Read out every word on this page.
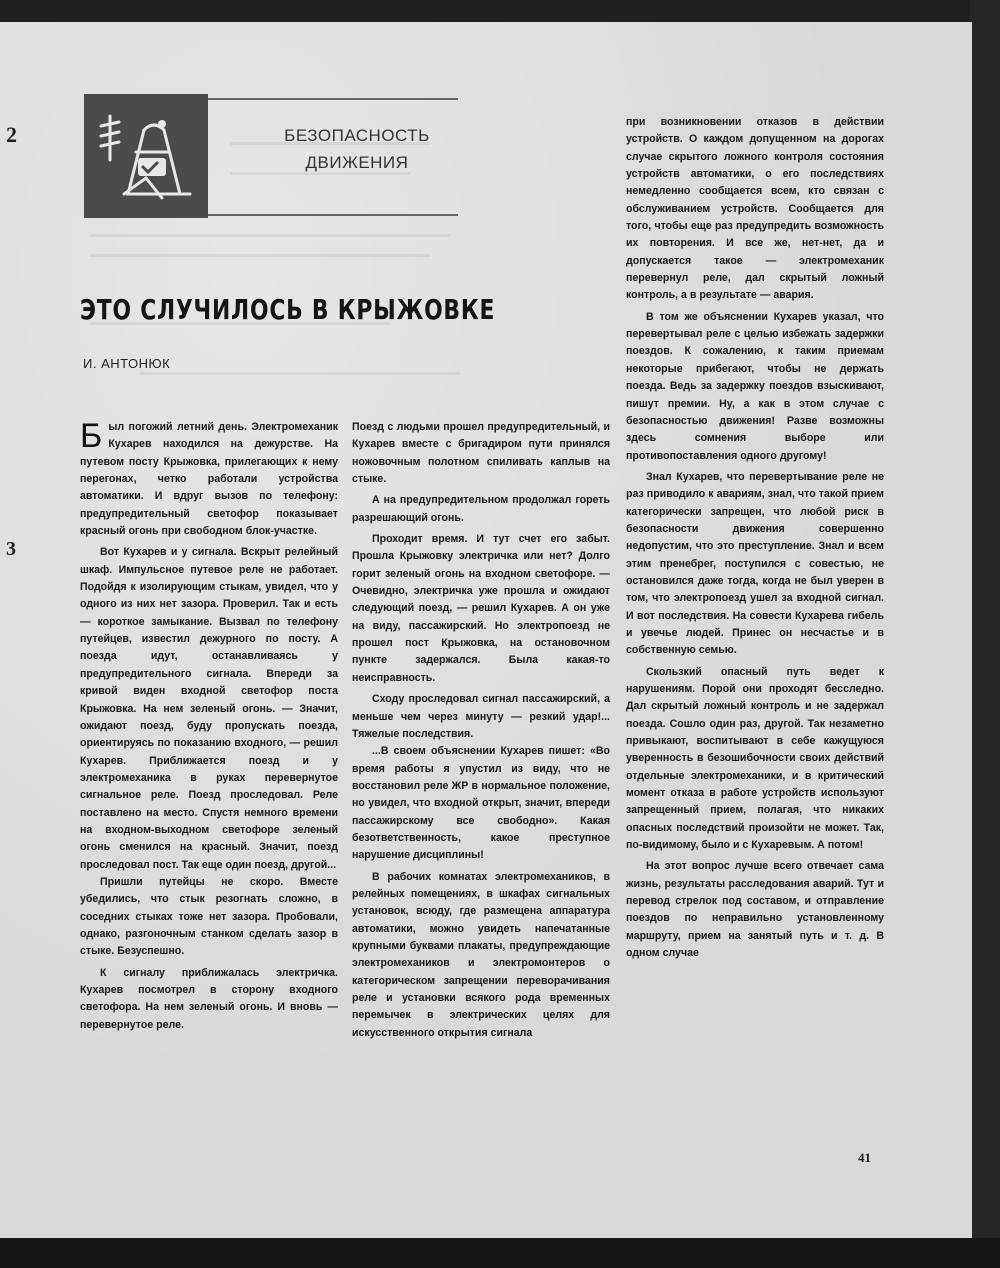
2
3
БЕЗОПАСНОСТЬ
ДВИЖЕНИЯ
ЭТО СЛУЧИЛОСЬ В КРЫЖОВКЕ
И. АНТОНЮК

Был погожий летний день. Электромеханик Кухарев находился на дежурстве. На путевом посту Крыжовка, прилегающих к нему перегонах, четко работали устройства автоматики. И вдруг вызов по телефону: предупредительный светофор показывает красный огонь при свободном блок-участке.

Вот Кухарев и у сигнала. Вскрыт релейный шкаф. Импульсное путевое реле не работает. Подойдя к изолирующим стыкам, увидел, что у одного из них нет зазора. Проверил. Так и есть — короткое замыкание. Вызвал по телефону путейцев, известил дежурного по посту. А поезда идут, останавливаясь у предупредительного сигнала. Впереди за кривой виден входной светофор поста Крыжовка. На нем зеленый огонь. — Значит, ожидают поезд, буду пропускать поезда, ориентируясь по показанию входного, — решил Кухарев. Приближается поезд и у электромеханика в руках перевернутое сигнальное реле. Поезд проследовал. Реле поставлено на место. Спустя немного времени на входном-выходном светофоре зеленый огонь сменился на красный. Значит, поезд проследовал пост. Так еще один поезд, другой...

Пришли путейцы не скоро. Вместе убедились, что стык резогнать сложно, в соседних стыках тоже нет зазора. Пробовали, однако, разгоночным станком сделать зазор в стыке. Безуспешно.

К сигналу приближалась электричка. Кухарев посмотрел в сторону входного светофора. На нем зеленый огонь. И вновь — перевернутое реле.

Поезд с людьми прошел предупредительный, и Кухарев вместе с бригадиром пути принялся ножовочным полотном спиливать каплыв на стыке.

А на предупредительном продолжал гореть разрешающий огонь.

Проходит время. И тут счет его забыт. Прошла Крыжовку электричка или нет? Долго горит зеленый огонь на входном светофоре. — Очевидно, электричка уже прошла и ожидают следующий поезд, — решил Кухарев. А он уже на виду, пассажирский. Но электропоезд не прошел пост Крыжовка, на остановочном пункте задержался. Была какая-то неисправность.

Сходу проследовал сигнал пассажирский, а меньше чем через минуту — резкий удар!... Тяжелые последствия.

...В своем объяснении Кухарев пишет: «Во время работы я упустил из виду, что не восстановил реле ЖР в нормальное положение, но увидел, что входной открыт, значит, впереди пассажирскому все свободно». Какая безответственность, какое преступное нарушение дисциплины!

В рабочих комнатах электромехаников, в релейных помещениях, в шкафах сигнальных установок, всюду, где размещена аппаратура автоматики, можно увидеть напечатанные крупными буквами плакаты, предупреждающие электромехаников и электромонтеров о категорическом запрещении переворачивания реле и установки всякого рода временных перемычек в электрических целях для искусственного открытия сигнала

при возникновении отказов в действии устройств. О каждом допущенном на дорогах случае скрытого ложного контроля состояния устройств автоматики, о его последствиях немедленно сообщается всем, кто связан с обслуживанием устройств. Сообщается для того, чтобы еще раз предупредить возможность их повторения. И все же, нет-нет, да и допускается такое — электромеханик перевернул реле, дал скрытый ложный контроль, а в результате — авария.

В том же объяснении Кухарев указал, что перевертывал реле с целью избежать задержки поездов. К сожалению, к таким приемам некоторые прибегают, чтобы не держать поезда. Ведь за задержку поездов взыскивают, пишут премии. Ну, а как в этом случае с безопасностью движения! Разве возможны здесь сомнения выборе или противопоставления одного другому!

Знал Кухарев, что перевертывание реле не раз приводило к авариям, знал, что такой прием категорически запрещен, что любой риск в безопасности движения совершенно недопустим, что это преступление. Знал и всем этим пренебрег, поступился с совестью, не остановился даже тогда, когда не был уверен в том, что электропоезд ушел за входной сигнал. И вот последствия. На совести Кухарева гибель и увечье людей. Принес он несчастье и в собственную семью.

Скользкий опасный путь ведет к нарушениям. Порой они проходят бесследно. Дал скрытый ложный контроль и не задержал поезда. Сошло один раз, другой. Так незаметно привыкают, воспитывают в себе кажущуюся уверенность в безошибочности своих действий отдельные электромеханики, и в критический момент отказа в работе устройств используют запрещенный прием, полагая, что никаких опасных последствий произойти не может. Так, по-видимому, было и с Кухаревым. А потом!

На этот вопрос лучше всего отвечает сама жизнь, результаты расследования аварий. Тут и перевод стрелок под составом, и отправление поездов по неправильно установленному маршруту, прием на занятый путь и т. д. В одном случае

41
